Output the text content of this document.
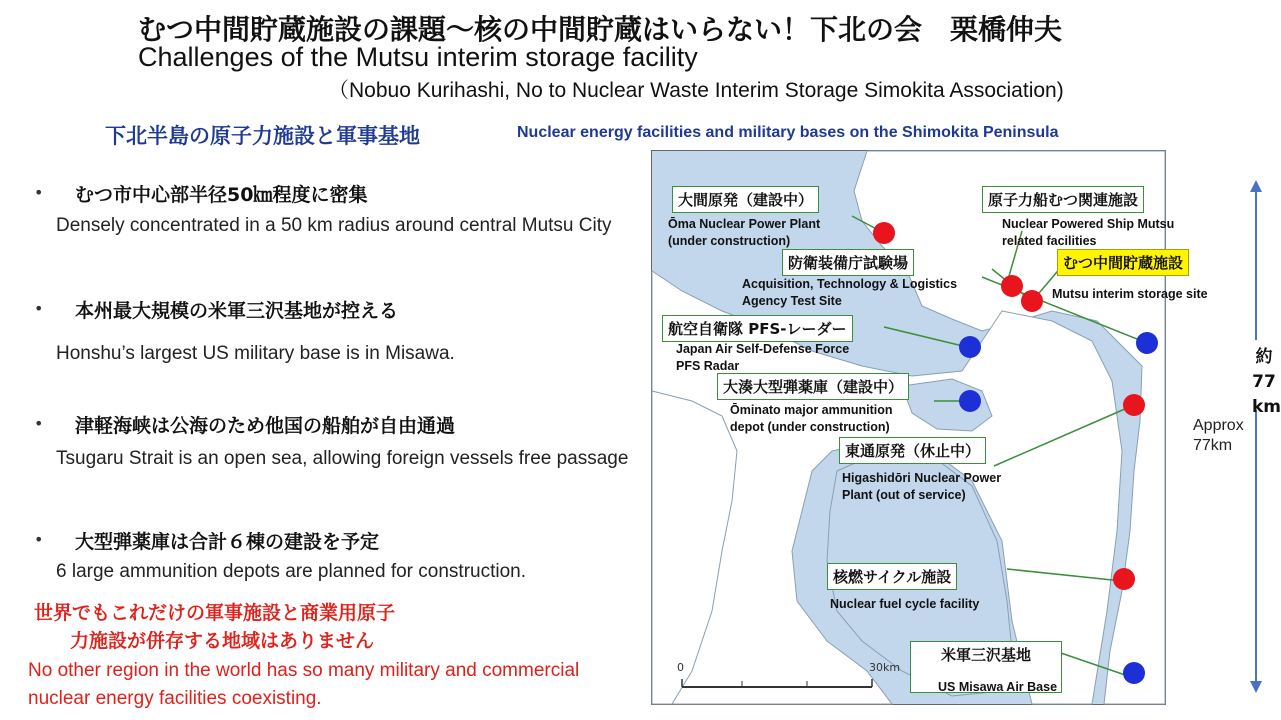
むつ中間貯蔵施設の課題～核の中間貯蔵はいらない！下北の会　栗橋伸夫
Challenges of the Mutsu interim storage facility
（Nobuo Kurihashi, No to Nuclear Waste Interim Storage Simokita Association)
下北半島の原子力施設と軍事基地	Nuclear energy facilities and military bases on the Shimokita Peninsula
• むつ市中心部半径50㎞程度に密集
Densely concentrated in a 50 km radius around central Mutsu City
• 本州最大規模の米軍三沢基地が控える
Honshu’s largest US military base is in Misawa.
• 津軽海峡は公海のため他国の船舶が自由通過
Tsugaru Strait is an open sea, allowing foreign vessels free passage
• 大型弾薬庫は合計６棟の建設を予定
6 large ammunition depots are planned for construction.
世界でもこれだけの軍事施設と商業用原子
力施設が併存する地域はありません
No other region in the world has so many military and commercial nuclear energy facilities coexisting.
0	30km
大間原発（建設中）
Ōma Nuclear Power Plant
(under construction)
原子力船むつ関連施設
Nuclear Powered Ship Mutsu
related facilities
防衛装備庁試験場
Acquisition, Technology & Logistics
Agency Test Site
むつ中間貯蔵施設
Mutsu interim storage site
航空自衛隊 PFS-レーダー
Japan Air Self-Defense Force
PFS Radar
大湊大型弾薬庫（建設中）
Ōminato major ammunition
depot (under construction)
東通原発（休止中）
Higashidōri Nuclear Power
Plant (out of service)
核燃サイクル施設
Nuclear fuel cycle facility
米軍三沢基地
US Misawa Air Base
約
77
km
Approx
77km
